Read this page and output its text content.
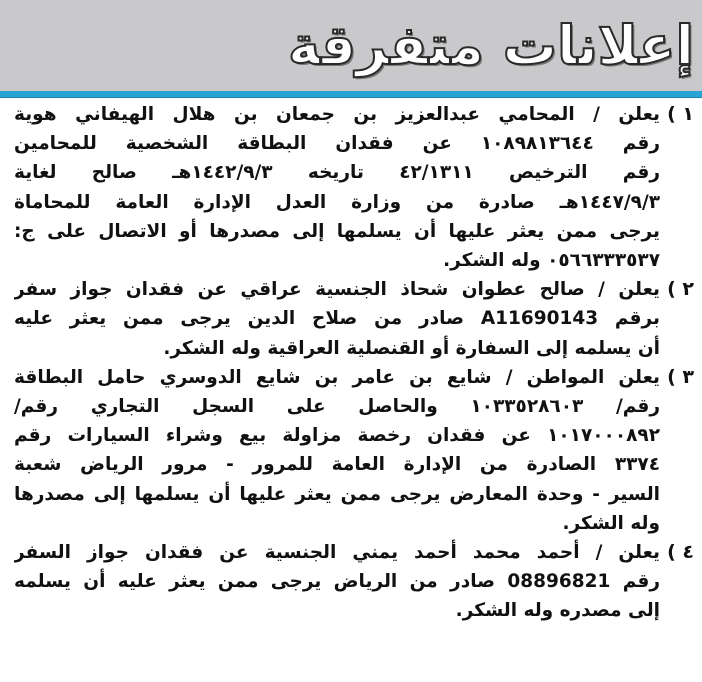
إعلانات متفرقة
١ )
يعلن / المحامي عبدالعزيز بن جمعان بن هلال الهيفاني هوية
رقم ١٠٨٩٨١٣٦٤٤ عن فقدان البطاقة الشخصية للمحامين
رقم الترخيص ٤٢/١٣١١ تاريخه ١٤٤٢/٩/٣هـ صالح لغاية
١٤٤٧/٩/٣هـ صادرة من وزارة العدل الإدارة العامة للمحاماة
يرجى ممن يعثر عليها أن يسلمها إلى مصدرها أو الاتصال على ج:
٠٥٦٦٣٣٣٥٣٧ وله الشكر.
٢ )
يعلن / صالح عطوان شحاذ الجنسية عراقي عن فقدان جواز سفر
برقم A11690143 صادر من صلاح الدين يرجى ممن يعثر عليه
أن يسلمه إلى السفارة أو القنصلية العراقية وله الشكر.
٣ )
يعلن المواطن / شايع بن عامر بن شايع الدوسري حامل البطاقة
رقم/ ١٠٣٣٥٢٨٦٠٣ والحاصل على السجل التجاري رقم/
١٠١٧٠٠٠٨٩٢ عن فقدان رخصة مزاولة بيع وشراء السيارات رقم
٣٣٧٤ الصادرة من الإدارة العامة للمرور - مرور الرياض شعبة
السير - وحدة المعارض يرجى ممن يعثر عليها أن يسلمها إلى مصدرها
وله الشكر.
٤ )
يعلن / أحمد محمد أحمد يمني الجنسية عن فقدان جواز السفر
رقم 08896821 صادر من الرياض يرجى ممن يعثر عليه أن يسلمه
إلى مصدره وله الشكر.
